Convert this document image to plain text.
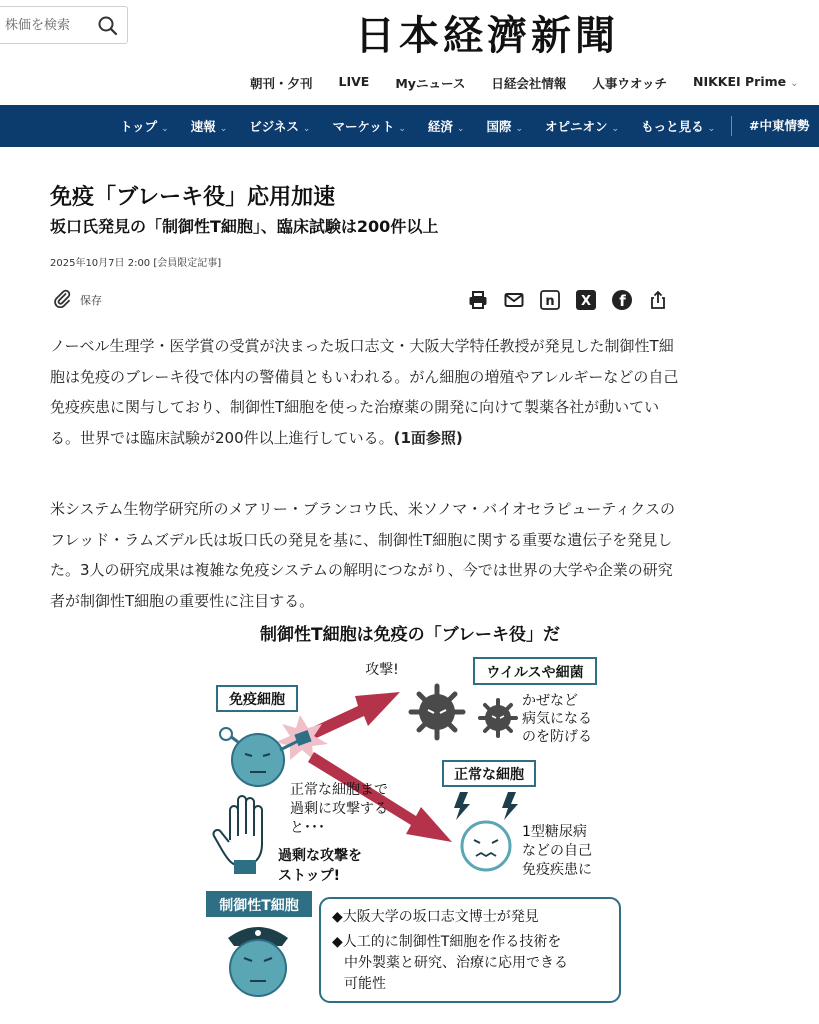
株価を検索
日本経濟新聞
朝刊・夕刊 LIVE Myニュース 日経会社情報 人事ウオッチ NIKKEI Prime ⌄
トップ ⌄ 速報 ⌄ ビジネス ⌄ マーケット ⌄ 経済 ⌄ 国際 ⌄ オピニオン ⌄ もっと見る ⌄	#中東情勢
免疫「ブレーキ役」応用加速
坂口氏発見の「制御性T細胞」、臨床試験は200件以上
2025年10月7日 2:00 [会員限定記事]
保存	n X f

ノーベル生理学・医学賞の受賞が決まった坂口志文・大阪大学特任教授が発見した制御性T細胞は免疫のブレーキ役で体内の警備員ともいわれる。がん細胞の増殖やアレルギーなどの自己免疫疾患に関与しており、制御性T細胞を使った治療薬の開発に向けて製薬各社が動いている。世界では臨床試験が200件以上進行している。(1面参照)

米システム生物学研究所のメアリー・ブランコウ氏、米ソノマ・バイオセラピューティクスのフレッド・ラムズデル氏は坂口氏の発見を基に、制御性T細胞に関する重要な遺伝子を発見した。3人の研究成果は複雑な免疫システムの解明につながり、今では世界の大学や企業の研究者が制御性T細胞の重要性に注目する。

制御性T細胞は免疫の「ブレーキ役」だ
攻撃!	ウイルスや細菌
かぜなど 病気になる のを防げる
免疫細胞
正常な細胞まで 過剰に攻撃する と･･･
正常な細胞
1型糖尿病 などの自己 免疫疾患に
過剰な攻撃を ストップ!
制御性T細胞
◆大阪大学の坂口志文博士が発見 ◆人工的に制御性T細胞を作る技術を 中外製薬と研究、治療に応用できる 可能性
